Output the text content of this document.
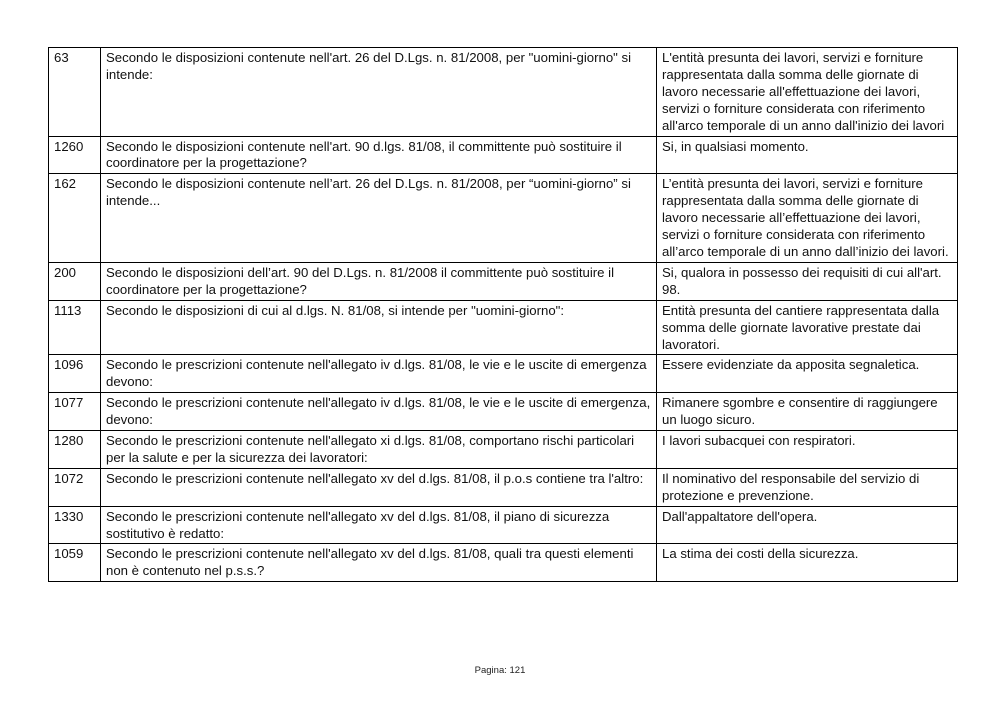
63	Secondo le disposizioni contenute nell'art. 26 del D.Lgs. n. 81/2008, per "uomini-giorno" si intende:	L'entità presunta dei lavori, servizi e forniture rappresentata dalla somma delle giornate di lavoro necessarie all'effettuazione dei lavori, servizi o forniture considerata con riferimento all'arco temporale di un anno dall'inizio dei lavori
1260	Secondo le disposizioni contenute nell'art. 90 d.lgs. 81/08, il committente può sostituire il coordinatore per la progettazione?	Si, in qualsiasi momento.
162	Secondo le disposizioni contenute nell’art. 26 del D.Lgs. n. 81/2008, per “uomini-giorno” si intende...	L’entità presunta dei lavori, servizi e forniture rappresentata dalla somma delle giornate di lavoro necessarie all’effettuazione dei lavori, servizi o forniture considerata con riferimento all’arco temporale di un anno dall’inizio dei lavori.
200	Secondo le disposizioni dell’art. 90 del D.Lgs. n. 81/2008 il committente può sostituire il coordinatore per la progettazione?	Si, qualora in possesso dei requisiti di cui all'art. 98.
1113	Secondo le disposizioni di cui al d.lgs. N. 81/08, si intende per "uomini-giorno":	Entità presunta del cantiere rappresentata dalla somma delle giornate lavorative prestate dai lavoratori.
1096	Secondo le prescrizioni contenute nell'allegato iv d.lgs. 81/08, le vie e le uscite di emergenza devono:	Essere evidenziate da apposita segnaletica.
1077	Secondo le prescrizioni contenute nell'allegato iv d.lgs. 81/08, le vie e le uscite di emergenza, devono:	Rimanere sgombre e consentire di raggiungere un luogo sicuro.
1280	Secondo le prescrizioni contenute nell'allegato xi d.lgs. 81/08, comportano rischi particolari per la salute e per la sicurezza dei lavoratori:	I lavori subacquei con respiratori.
1072	Secondo le prescrizioni contenute nell'allegato xv del d.lgs. 81/08, il p.o.s contiene tra l'altro:	Il nominativo del responsabile del servizio di protezione e prevenzione.
1330	Secondo le prescrizioni contenute nell'allegato xv del d.lgs. 81/08, il piano di sicurezza sostitutivo è redatto:	Dall'appaltatore dell'opera.
1059	Secondo le prescrizioni contenute nell'allegato xv del d.lgs. 81/08, quali tra questi elementi non è contenuto nel p.s.s.?	La stima dei costi della sicurezza.
Pagina: 121
